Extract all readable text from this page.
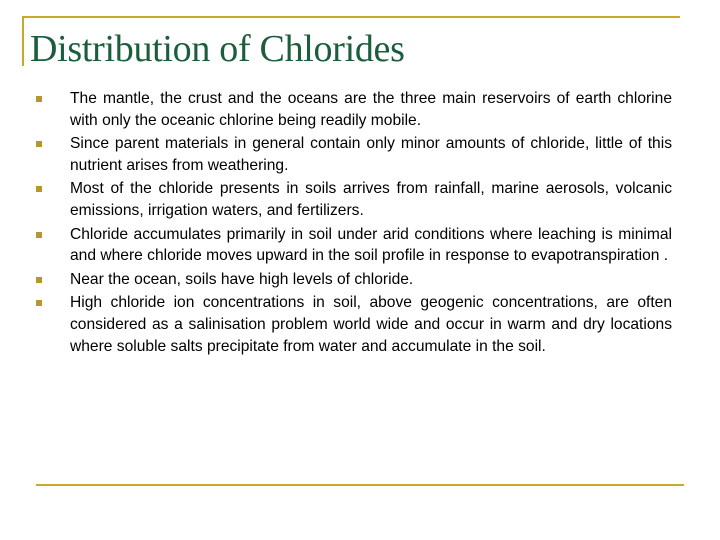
Distribution of Chlorides
The mantle, the crust and the oceans are the three main reservoirs of earth chlorine with only the oceanic chlorine being readily mobile.
Since parent materials in general contain only minor amounts of chloride, little of this nutrient arises from weathering.
Most of the chloride presents in soils arrives from rainfall, marine aerosols, volcanic emissions, irrigation waters, and fertilizers.
Chloride accumulates primarily in soil under arid conditions where leaching is minimal and where chloride moves upward in the soil profile in response to evapotranspiration .
Near the ocean, soils have high levels of chloride.
High chloride ion concentrations in soil, above geogenic concentrations, are often considered as a salinisation problem world wide and occur in warm and dry locations where soluble salts precipitate from water and accumulate in the soil.
